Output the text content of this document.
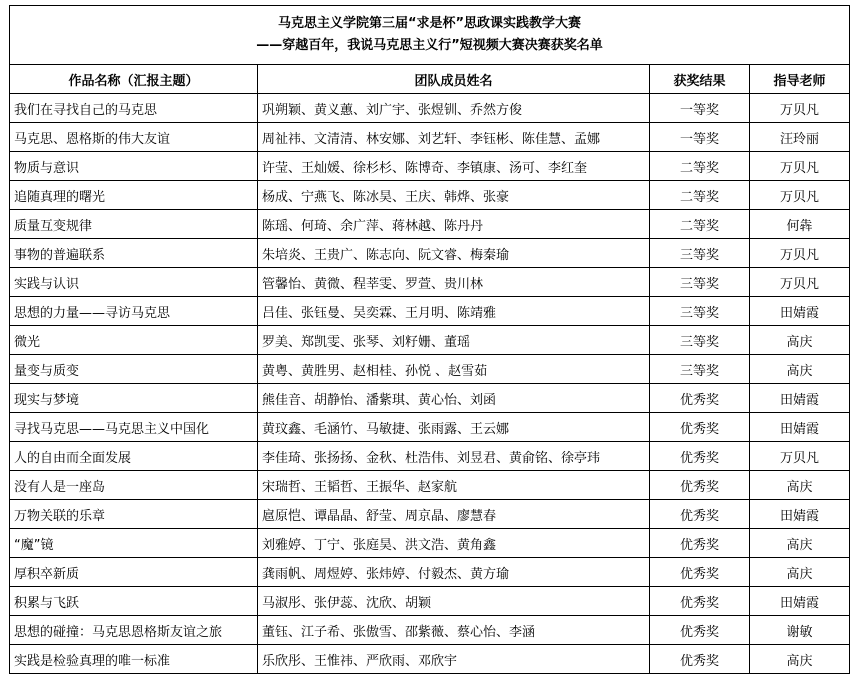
马克思主义学院第三届“求是杯”思政课实践教学大赛
——穿越百年，我说马克思主义行”短视频大赛决赛获奖名单			

作品名称（汇报主题）	团队成员姓名	获奖结果	指导老师
我们在寻找自己的马克思	巩朔颖、黄义蕙、刘广宇、张煜钏、乔然方俊	一等奖	万贝凡
马克思、恩格斯的伟大友谊	周祉祎、文清清、林安娜、刘艺轩、李钰彬、陈佳慧、孟娜	一等奖	汪玲丽
物质与意识	许莹、王灿媛、徐杉杉、陈博奇、李镇康、汤可、李红奎	二等奖	万贝凡
追随真理的曙光	杨成、宁燕飞、陈冰昊、王庆、韩烨、张豪	二等奖	万贝凡
质量互变规律	陈瑶、何琦、余广萍、蒋林越、陈丹丹	二等奖	何犇
事物的普遍联系	朱培炎、王贵广、陈志向、阮文睿、梅秦瑜	三等奖	万贝凡
实践与认识	管馨怡、黄微、程莘雯、罗萱、贵川林	三等奖	万贝凡
思想的力量——寻访马克思	吕佳、张钰曼、吴奕霖、王月明、陈靖雅	三等奖	田婧霞
微光	罗美、郑凯雯、张琴、刘籽姗、董瑶	三等奖	高庆
量变与质变	黄粤、黄胜男、赵相桂、孙悦 、赵雪茹	三等奖	高庆
现实与梦境	熊佳音、胡静怡、潘紫琪、黄心怡、刘函	优秀奖	田婧霞
寻找马克思——马克思主义中国化	黄玟鑫、毛涵竹、马敏捷、张雨露、王云娜	优秀奖	田婧霞
人的自由而全面发展	李佳琦、张扬扬、金秋、杜浩伟、刘昱君、黄俞铭、徐亭玮	优秀奖	万贝凡
没有人是一座岛	宋瑞哲、王韬哲、王振华、赵家航	优秀奖	高庆
万物关联的乐章	扈原恺、谭晶晶、舒莹、周京晶、廖慧春	优秀奖	田婧霞
“魔”镜	刘雅婷、丁宁、张庭昊、洪文浩、黄角鑫	优秀奖	高庆
厚积卒新质	龚雨帆、周煜婷、张炜婷、付毅杰、黄方瑜	优秀奖	高庆
积累与飞跃	马淑彤、张伊蕊、沈欣、胡颖	优秀奖	田婧霞
思想的碰撞：马克思恩格斯友谊之旅	董钰、江子希、张傲雪、邵紫薇、蔡心怡、李涵	优秀奖	谢敏
实践是检验真理的唯一标准	乐欣彤、王惟祎、严欣雨、邓欣宇	优秀奖	高庆
